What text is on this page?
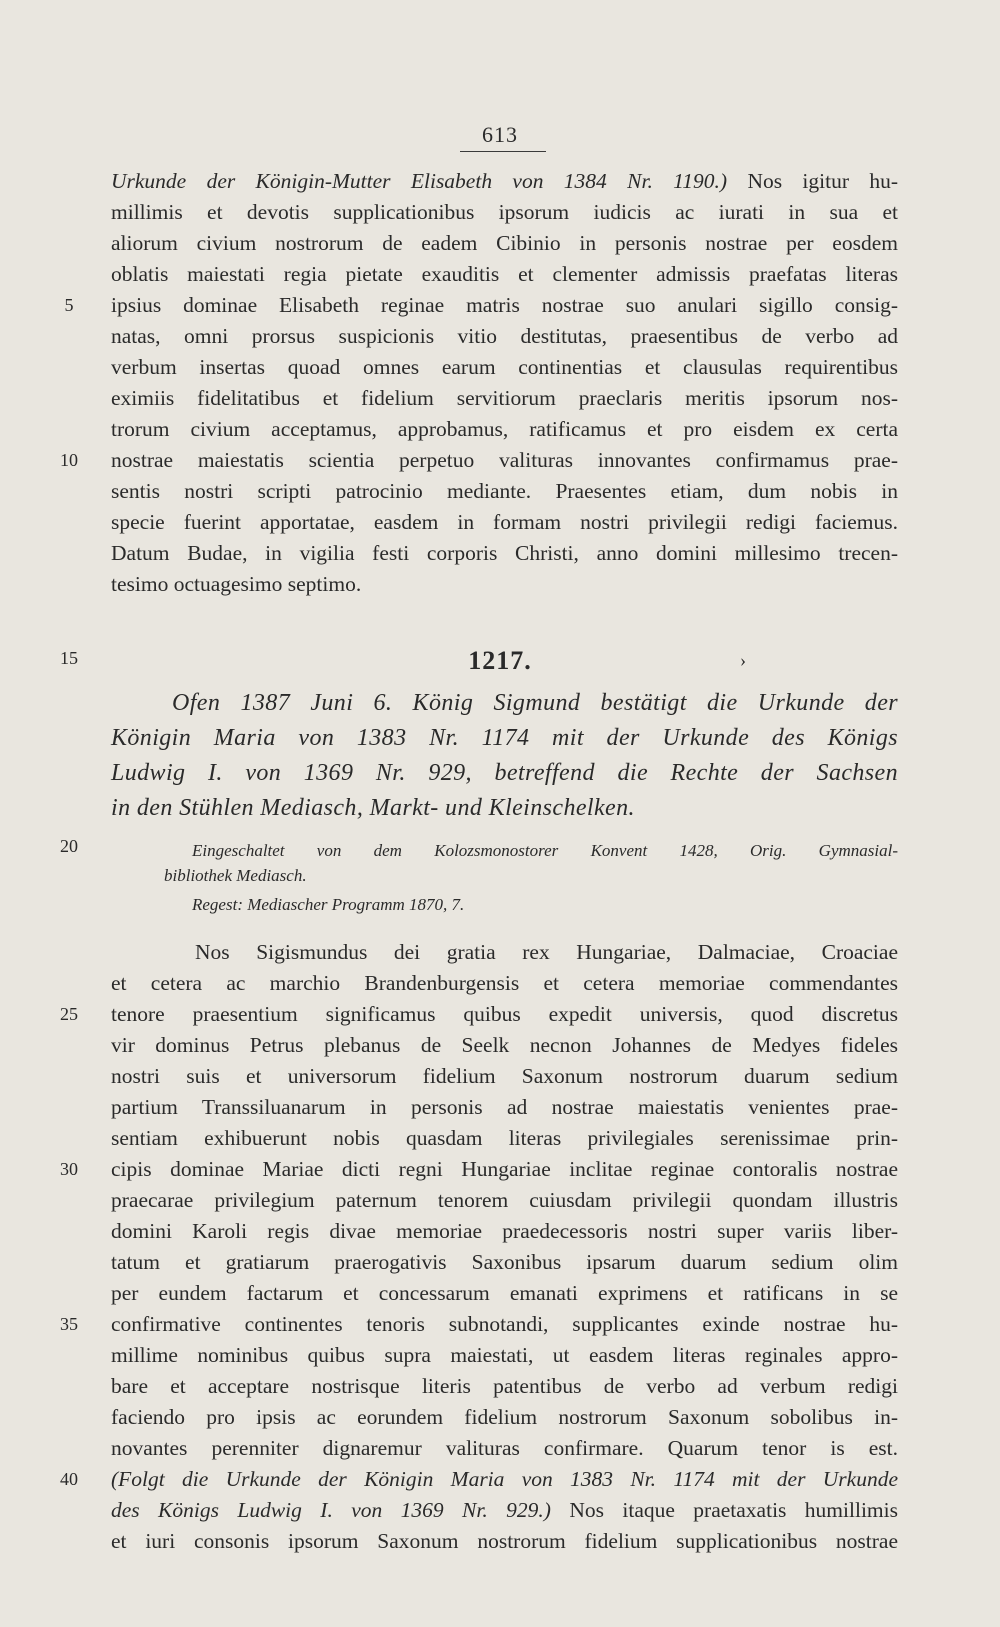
613
Urkunde der Königin-Mutter Elisabeth von 1384 Nr. 1190.) Nos igitur hu-
millimis et devotis supplicationibus ipsorum iudicis ac iurati in sua et
aliorum civium nostrorum de eadem Cibinio in personis nostrae per eosdem
oblatis maiestati regia pietate exauditis et clementer admissis praefatas literas
ipsius dominae Elisabeth reginae matris nostrae suo anulari sigillo consig-
natas, omni prorsus suspicionis vitio destitutas, praesentibus de verbo ad
verbum insertas quoad omnes earum continentias et clausulas requirentibus
eximiis fidelitatibus et fidelium servitiorum praeclaris meritis ipsorum nos-
trorum civium acceptamus, approbamus, ratificamus et pro eisdem ex certa
nostrae maiestatis scientia perpetuo valituras innovantes confirmamus prae-
sentis nostri scripti patrocinio mediante. Praesentes etiam, dum nobis in
specie fuerint apportatae, easdem in formam nostri privilegii redigi faciemus.
Datum Budae, in vigilia festi corporis Christi, anno domini millesimo trecen-
tesimo octuagesimo septimo.
1217.	›
Ofen 1387 Juni 6. König Sigmund bestätigt die Urkunde der
Königin Maria von 1383 Nr. 1174 mit der Urkunde des Königs
Ludwig I. von 1369 Nr. 929, betreffend die Rechte der Sachsen
in den Stühlen Mediasch, Markt- und Kleinschelken.
Eingeschaltet von dem Kolozsmonostorer Konvent 1428, Orig. Gymnasial-
bibliothek Mediasch.
Regest: Mediascher Programm 1870, 7.
Nos Sigismundus dei gratia rex Hungariae, Dalmaciae, Croaciae
et cetera ac marchio Brandenburgensis et cetera memoriae commendantes
tenore praesentium significamus quibus expedit universis, quod discretus
vir dominus Petrus plebanus de Seelk necnon Johannes de Medyes fideles
nostri suis et universorum fidelium Saxonum nostrorum duarum sedium
partium Transsiluanarum in personis ad nostrae maiestatis venientes prae-
sentiam exhibuerunt nobis quasdam literas privilegiales serenissimae prin-
cipis dominae Mariae dicti regni Hungariae inclitae reginae contoralis nostrae
praecarae privilegium paternum tenorem cuiusdam privilegii quondam illustris
domini Karoli regis divae memoriae praedecessoris nostri super variis liber-
tatum et gratiarum praerogativis Saxonibus ipsarum duarum sedium olim
per eundem factarum et concessarum emanati exprimens et ratificans in se
confirmative continentes tenoris subnotandi, supplicantes exinde nostrae hu-
millime nominibus quibus supra maiestati, ut easdem literas reginales appro-
bare et acceptare nostrisque literis patentibus de verbo ad verbum redigi
faciendo pro ipsis ac eorundem fidelium nostrorum Saxonum sobolibus in-
novantes perenniter dignaremur valituras confirmare. Quarum tenor is est.
(Folgt die Urkunde der Königin Maria von 1383 Nr. 1174 mit der Urkunde
des Königs Ludwig I. von 1369 Nr. 929.) Nos itaque praetaxatis humillimis
et iuri consonis ipsorum Saxonum nostrorum fidelium supplicationibus nostrae
5
10
15
20
25
30
35
40
